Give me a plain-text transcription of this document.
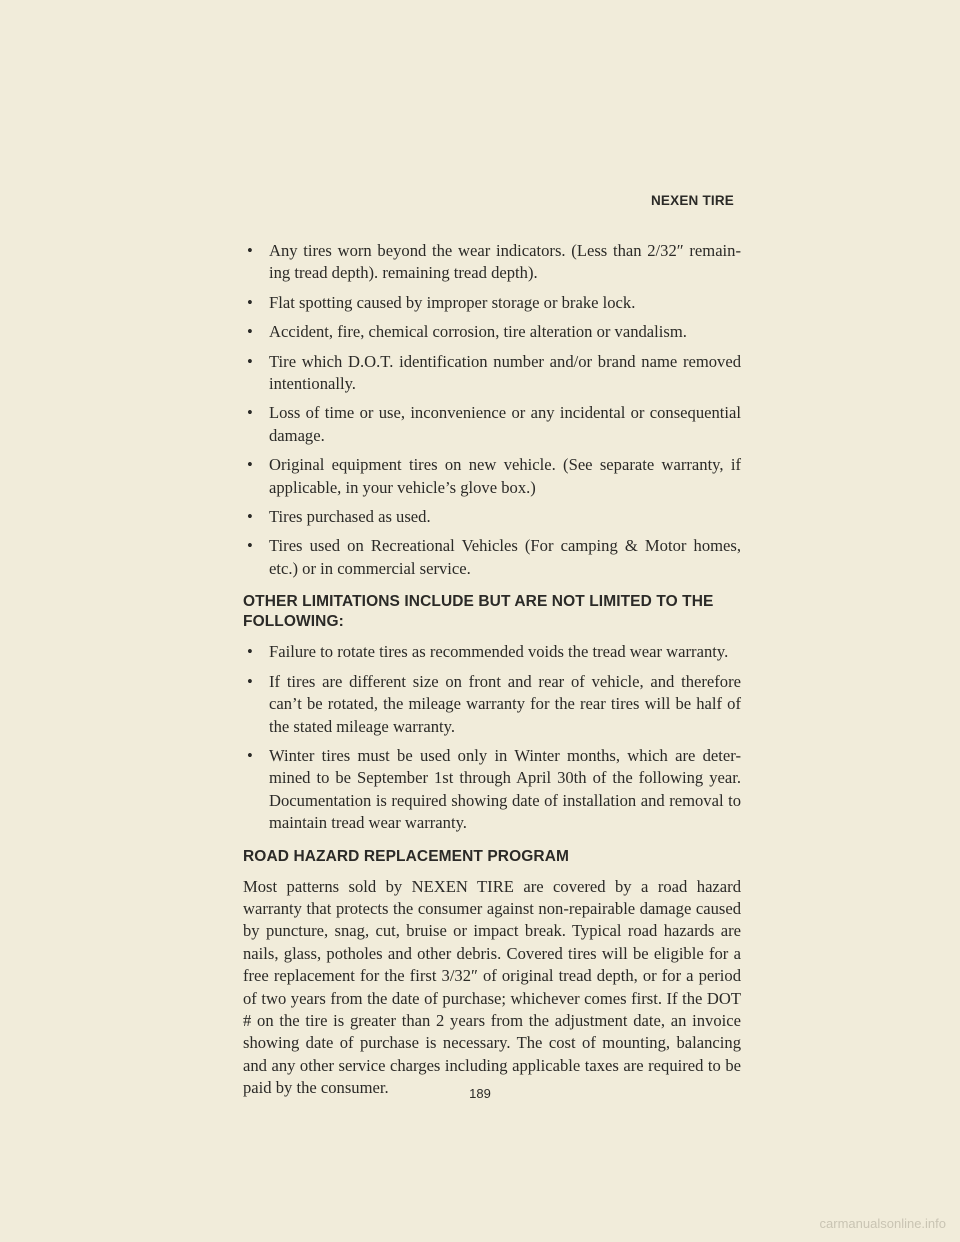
NEXEN TIRE
• Any tires worn beyond the wear indicators. (Less than 2/32″ remain-ing tread depth). remaining tread depth).
• Flat spotting caused by improper storage or brake lock.
• Accident, fire, chemical corrosion, tire alteration or vandalism.
• Tire which D.O.T. identification number and/or brand name removed intentionally.
• Loss of time or use, inconvenience or any incidental or consequential damage.
• Original equipment tires on new vehicle. (See separate warranty, if applicable, in your vehicle’s glove box.)
• Tires purchased as used.
• Tires used on Recreational Vehicles (For camping & Motor homes, etc.) or in commercial service.
OTHER LIMITATIONS INCLUDE BUT ARE NOT LIMITED TO THE FOLLOWING:
• Failure to rotate tires as recommended voids the tread wear warranty.
• If tires are different size on front and rear of vehicle, and therefore can’t be rotated, the mileage warranty for the rear tires will be half of the stated mileage warranty.
• Winter tires must be used only in Winter months, which are deter-mined to be September 1st through April 30th of the following year. Documentation is required showing date of installation and removal to maintain tread wear warranty.
ROAD HAZARD REPLACEMENT PROGRAM

Most patterns sold by NEXEN TIRE are covered by a road hazard warranty that protects the consumer against non-repairable damage caused by puncture, snag, cut, bruise or impact break. Typical road hazards are nails, glass, potholes and other debris. Covered tires will be eligible for a free replacement for the first 3/32″ of original tread depth, or for a period of two years from the date of purchase; whichever comes first. If the DOT # on the tire is greater than 2 years from the adjustment date, an invoice showing date of purchase is necessary. The cost of mounting, balancing and any other service charges including applicable taxes are required to be paid by the consumer.	189
carmanualsonline.info
